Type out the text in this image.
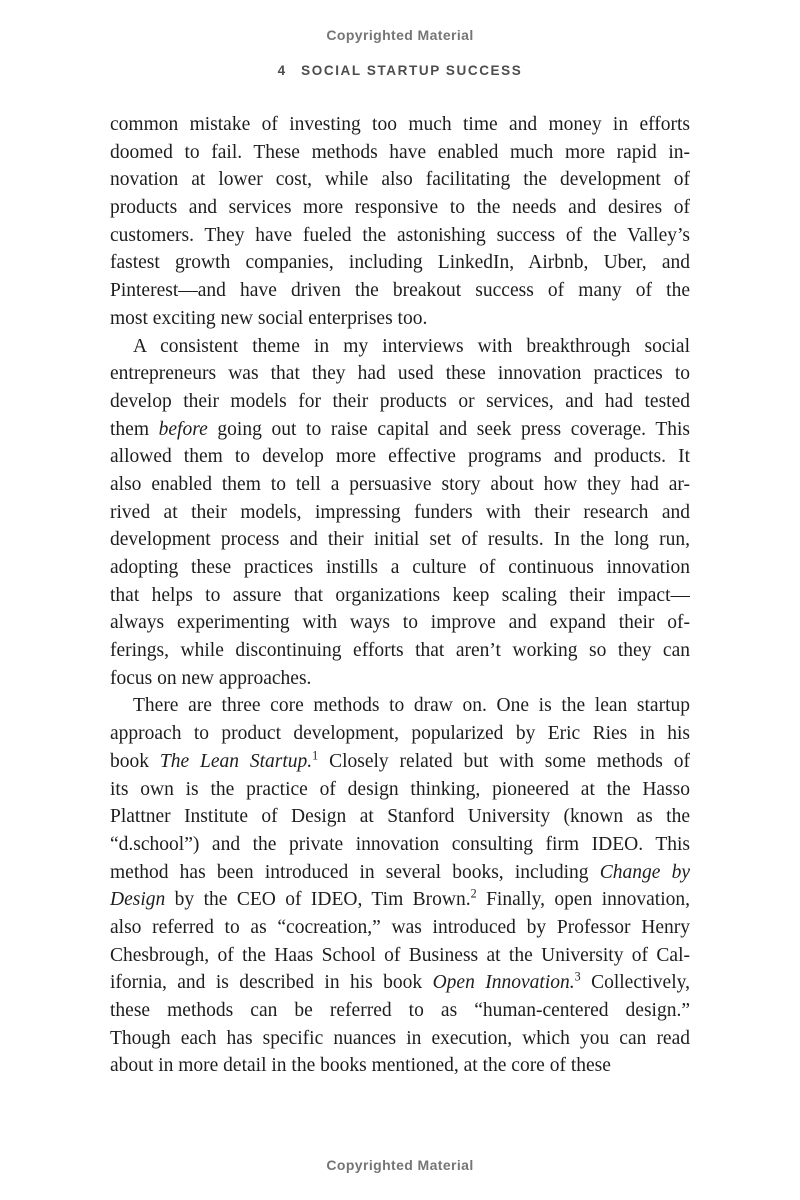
Copyrighted Material
4 SOCIAL STARTUP SUCCESS
common mistake of investing too much time and money in efforts
doomed to fail. These methods have enabled much more rapid in-
novation at lower cost, while also facilitating the development of
products and services more responsive to the needs and desires of
customers. They have fueled the astonishing success of the Valley’s
fastest growth companies, including LinkedIn, Airbnb, Uber, and
Pinterest—and have driven the breakout success of many of the
most exciting new social enterprises too.
A consistent theme in my interviews with breakthrough social
entrepreneurs was that they had used these innovation practices to
develop their models for their products or services, and had tested
them before going out to raise capital and seek press coverage. This
allowed them to develop more effective programs and products. It
also enabled them to tell a persuasive story about how they had ar-
rived at their models, impressing funders with their research and
development process and their initial set of results. In the long run,
adopting these practices instills a culture of continuous innovation
that helps to assure that organizations keep scaling their impact—
always experimenting with ways to improve and expand their of-
ferings, while discontinuing efforts that aren’t working so they can
focus on new approaches.
There are three core methods to draw on. One is the lean startup
approach to product development, popularized by Eric Ries in his
book The Lean Startup.$^1$ Closely related but with some methods of
its own is the practice of design thinking, pioneered at the Hasso
Plattner Institute of Design at Stanford University (known as the
“d.school”) and the private innovation consulting firm IDEO. This
method has been introduced in several books, including Change by
Design by the CEO of IDEO, Tim Brown.$^2$ Finally, open innovation,
also referred to as “cocreation,” was introduced by Professor Henry
Chesbrough, of the Haas School of Business at the University of Cal-
ifornia, and is described in his book Open Innovation.$^3$ Collectively,
these methods can be referred to as “human-centered design.”
Though each has specific nuances in execution, which you can read
about in more detail in the books mentioned, at the core of these
Copyrighted Material
